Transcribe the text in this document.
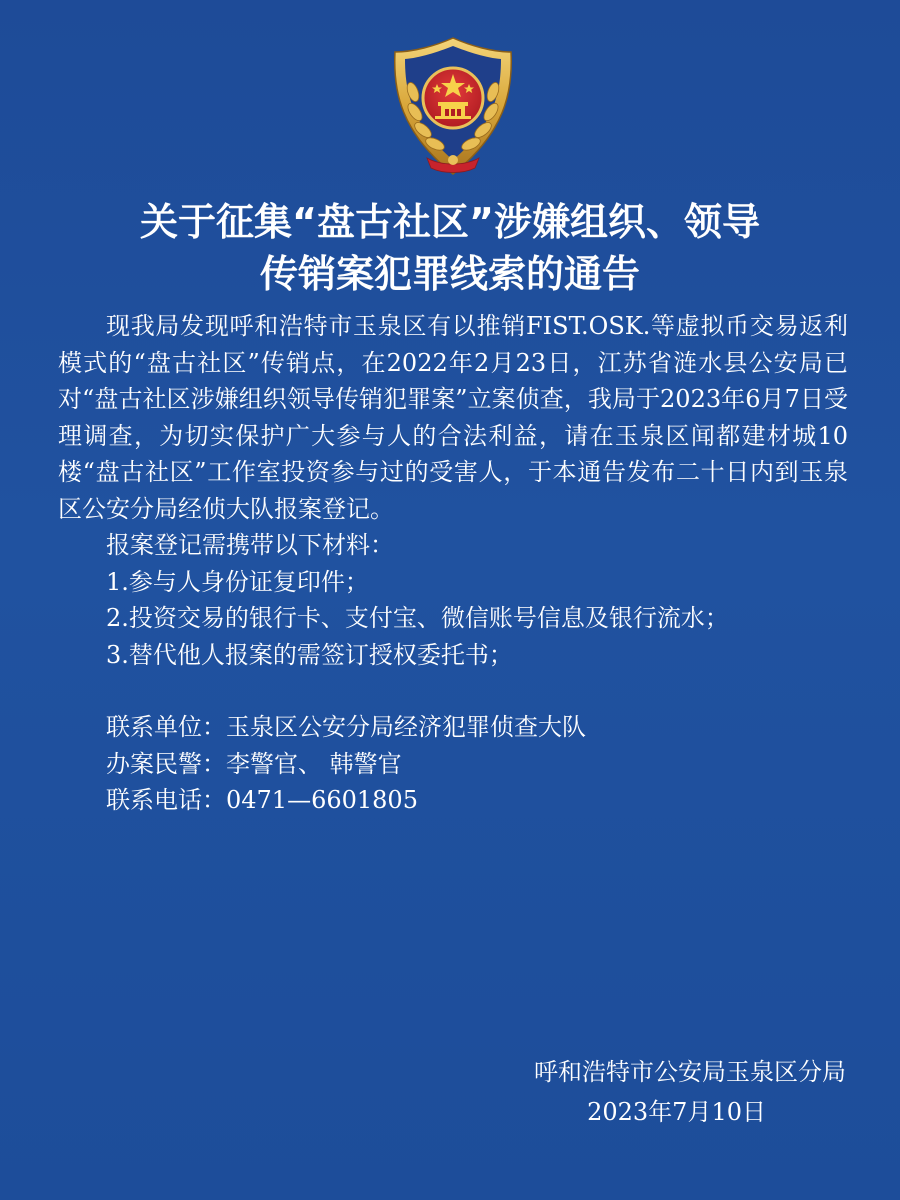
关于征集“盘古社区”涉嫌组织、领导
传销案犯罪线索的通告

现我局发现呼和浩特市玉泉区有以推销FIST.OSK.等虚拟币交易返利模式的“盘古社区”传销点，在2022年2月23日，江苏省涟水县公安局已对“盘古社区涉嫌组织领导传销犯罪案”立案侦查，我局于2023年6月7日受理调查，为切实保护广大参与人的合法利益，请在玉泉区闻都建材城10楼“盘古社区”工作室投资参与过的受害人，于本通告发布二十日内到玉泉区公安分局经侦大队报案登记。

报案登记需携带以下材料：

1.参与人身份证复印件；

2.投资交易的银行卡、支付宝、微信账号信息及银行流水；

3.替代他人报案的需签订授权委托书；

联系单位：玉泉区公安分局经济犯罪侦查大队

办案民警：李警官、 韩警官

联系电话：0471—6601805

呼和浩特市公安局玉泉区分局
2023年7月10日
